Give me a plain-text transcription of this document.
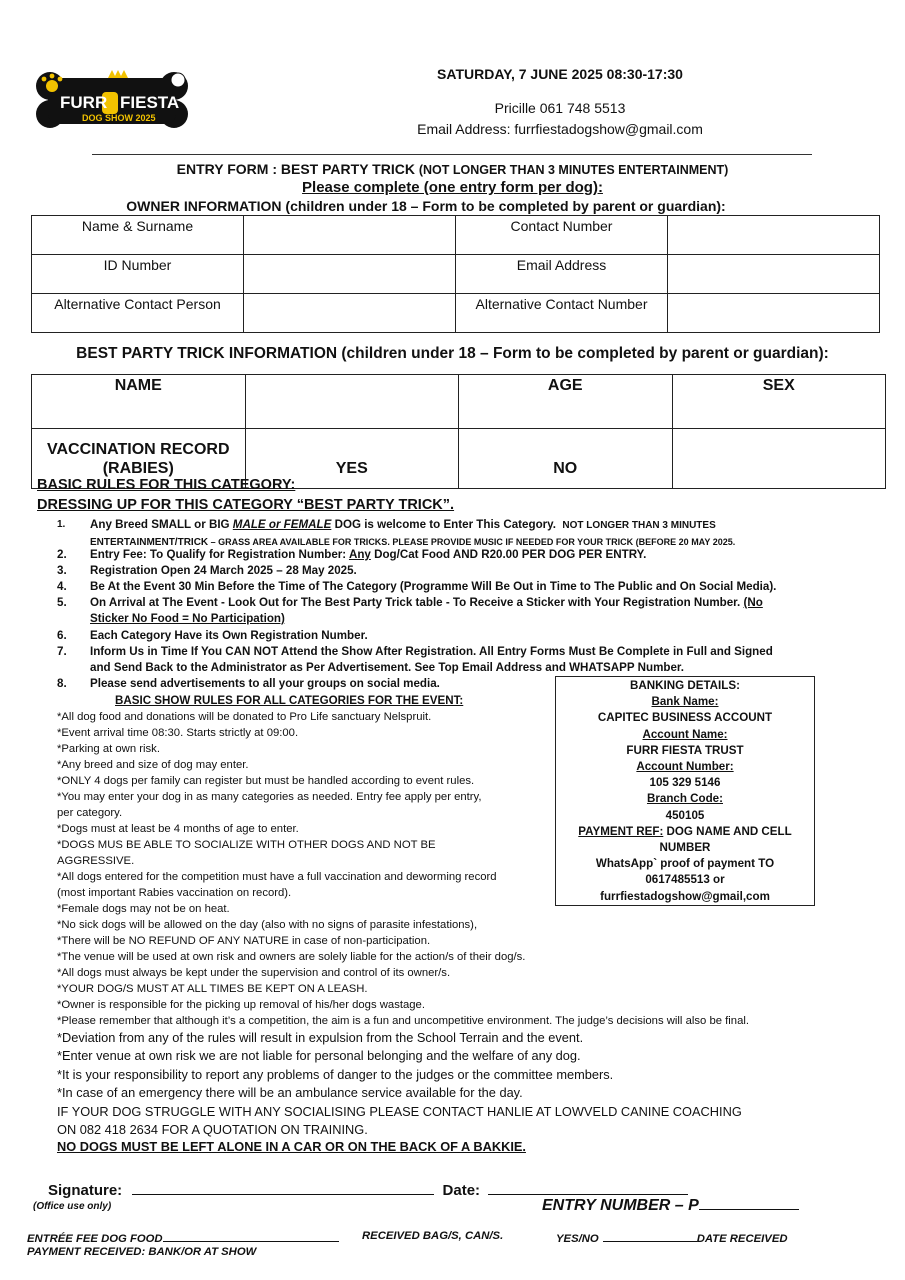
FURR FIESTA
DOG SHOW 2025
SATURDAY, 7 JUNE 2025 08:30-17:30
Pricille 061 748 5513
Email Address: furrfiestadogshow@gmail.com
ENTRY FORM : BEST PARTY TRICK (NOT LONGER THAN 3 MINUTES ENTERTAINMENT)
Please complete (one entry form per dog):
OWNER INFORMATION (children under 18 – Form to be completed by parent or guardian):
Name & Surname		Contact Number	
ID Number		Email Address	
Alternative Contact Person		Alternative Contact Number	
BEST PARTY TRICK INFORMATION (children under 18 – Form to be completed by parent or guardian):
NAME		AGE	SEX
VACCINATION RECORD
(RABIES)	YES	NO	
BASIC RULES FOR THIS CATEGORY:
DRESSING UP FOR THIS CATEGORY “BEST PARTY TRICK”.
1.	Any Breed SMALL or BIG MALE or FEMALE DOG is welcome to Enter This Category. NOT LONGER THAN 3 MINUTES
ENTERTAINMENT/TRICK – GRASS AREA AVAILABLE FOR TRICKS. PLEASE PROVIDE MUSIC IF NEEDED FOR YOUR TRICK (BEFORE 20 MAY 2025.
2.	Entry Fee: To Qualify for Registration Number: Any Dog/Cat Food AND R20.00 PER DOG PER ENTRY.
3.	Registration Open 24 March 2025 – 28 May 2025.
4.	Be At the Event 30 Min Before the Time of The Category (Programme Will Be Out in Time to The Public and On Social Media).
5.	On Arrival at The Event - Look Out for The Best Party Trick table - To Receive a Sticker with Your Registration Number. (No
Sticker No Food = No Participation)
6.	Each Category Have its Own Registration Number.
7.	Inform Us in Time If You CAN NOT Attend the Show After Registration. All Entry Forms Must Be Complete in Full and Signed
and Send Back to the Administrator as Per Advertisement. See Top Email Address and WHATSAPP Number.
8.	Please send advertisements to all your groups on social media.	BANKING DETAILS:
Bank Name:
CAPITEC BUSINESS ACCOUNT
Account Name:
FURR FIESTA TRUST
Account Number:
105 329 5146
Branch Code:
450105
PAYMENT REF: DOG NAME AND CELL
NUMBER
WhatsApp` proof of payment TO
0617485513 or
furrfiestadogshow@gmail,com
BASIC SHOW RULES FOR ALL CATEGORIES FOR THE EVENT:
*All dog food and donations will be donated to Pro Life sanctuary Nelspruit.
*Event arrival time 08:30. Starts strictly at 09:00.
*Parking at own risk.
*Any breed and size of dog may enter.
*ONLY 4 dogs per family can register but must be handled according to event rules.
*You may enter your dog in as many categories as needed. Entry fee apply per entry,
per category.
*Dogs must at least be 4 months of age to enter.
*DOGS MUS BE ABLE TO SOCIALIZE WITH OTHER DOGS AND NOT BE
AGGRESSIVE.
*All dogs entered for the competition must have a full vaccination and deworming record
(most important Rabies vaccination on record).
*Female dogs may not be on heat.
*No sick dogs will be allowed on the day (also with no signs of parasite infestations),
*There will be NO REFUND OF ANY NATURE in case of non-participation.
*The venue will be used at own risk and owners are solely liable for the action/s of their dog/s.
*All dogs must always be kept under the supervision and control of its owner/s.
*YOUR DOG/S MUST AT ALL TIMES BE KEPT ON A LEASH.
*Owner is responsible for the picking up removal of his/her dogs wastage.
*Please remember that although it’s a competition, the aim is a fun and uncompetitive environment. The judge’s decisions will also be final.
*Deviation from any of the rules will result in expulsion from the School Terrain and the event.
*Enter venue at own risk we are not liable for personal belonging and the welfare of any dog.
*It is your responsibility to report any problems of danger to the judges or the committee members.
*In case of an emergency there will be an ambulance service available for the day.
IF YOUR DOG STRUGGLE WITH ANY SOCIALISING PLEASE CONTACT HANLIE AT LOWVELD CANINE COACHING
ON 082 418 2634 FOR A QUOTATION ON TRAINING.
NO DOGS MUST BE LEFT ALONE IN A CAR OR ON THE BACK OF A BAKKIE.
Signature:	Date:
(Office use only)	ENTRY NUMBER – P
ENTRÉE FEE DOG FOOD	RECEIVED BAG/S, CAN/S.	YES/NO	DATE RECEIVED
PAYMENT RECEIVED: BANK/OR AT SHOW
